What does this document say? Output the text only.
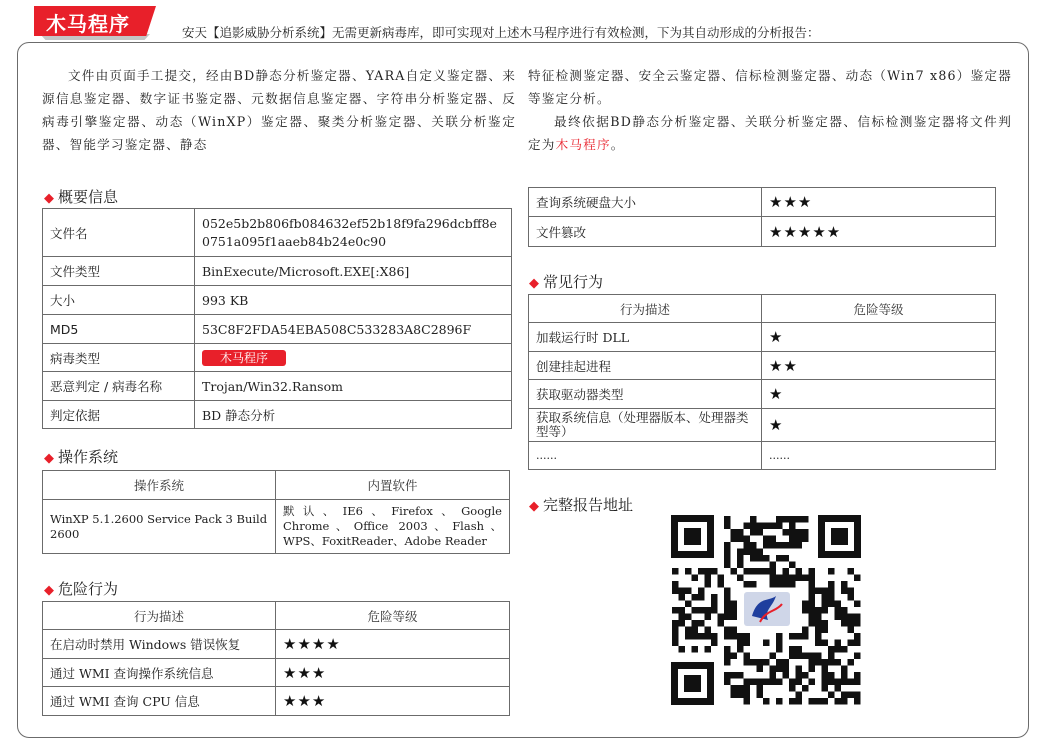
木马程序	安天【追影威胁分析系统】无需更新病毒库，即可实现对上述木马程序进行有效检测，下为其自动形成的分析报告：
文件由页面手工提交，经由BD静态分析鉴定器、YARA自定义鉴定器、来源信息鉴定器、数字证书鉴定器、元数据信息鉴定器、字符串分析鉴定器、反病毒引擎鉴定器、动态（WinXP）鉴定器、聚类分析鉴定器、关联分析鉴定器、智能学习鉴定器、静态

特征检测鉴定器、安全云鉴定器、信标检测鉴定器、动态（Win7 x86）鉴定器等鉴定分析。

最终依据BD静态分析鉴定器、关联分析鉴定器、信标检测鉴定器将文件判定为木马程序。

◆ 概要信息
文件名	052e5b2b806fb084632ef52b18f9fa296dcbff8e0751a095f1aaeb84b24e0c90
文件类型	BinExecute/Microsoft.EXE[:X86]
大小	993 KB
MD5	53C8F2FDA54EBA508C533283A8C2896F
病毒类型	木马程序
恶意判定 / 病毒名称	Trojan/Win32.Ransom
判定依据	BD 静态分析
◆ 操作系统
操作系统	内置软件
WinXP 5.1.2600 Service Pack 3 Build 2600	默认、IE6、Firefox、Google Chrome、Office 2003、Flash、WPS、FoxitReader、Adobe Reader
◆ 危险行为
行为描述	危险等级
在启动时禁用 Windows 错误恢复	★★★★
通过 WMI 查询操作系统信息	★★★
通过 WMI 查询 CPU 信息	★★★
查询系统硬盘大小	★★★
文件篡改	★★★★★
◆ 常见行为
行为描述	危险等级
加载运行时 DLL	★
创建挂起进程	★★
获取驱动器类型	★
获取系统信息（处理器版本、处理器类型等）	★
......	......
◆ 完整报告地址
